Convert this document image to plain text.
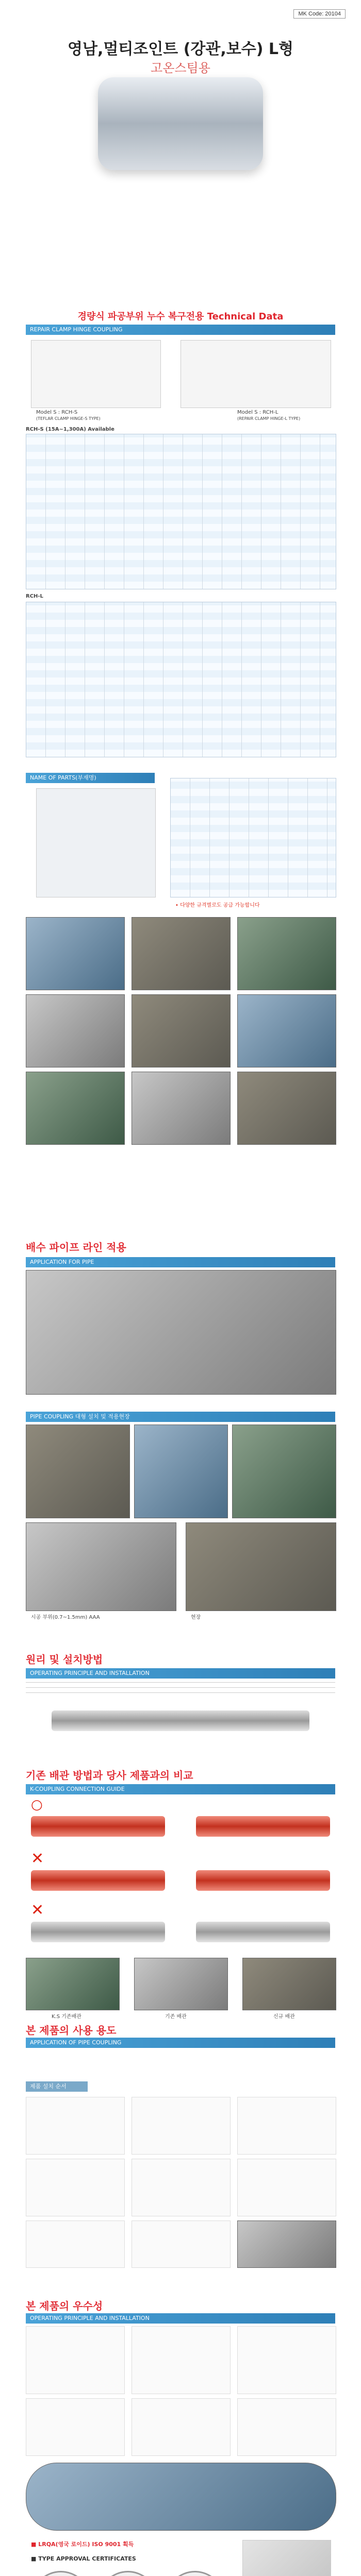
MK Code: 20104
영남,멀티조인트 (강관,보수) L형
고온스팀용
경량식 파공부위 누수 복구전용 Technical Data
REPAIR CLAMP HINGE COUPLING
Model S : RCH-S
(TEFLAR CLAMP HINGE-S TYPE)
Model S : RCH-L
(REPAIR CLAMP HINGE-L TYPE)
RCH-S (15A~1,300A) Available
RCH-L
NAME OF PARTS(부재명)
• 다양한 규격별로도 공급 가능합니다
배수 파이프 라인 적용
APPLICATION FOR PIPE
PIPE COUPLING 대형 설치 및 적용현장
시공 부위(0.7~1.5mm) AAA	현장
원리 및 설치방법
OPERATING PRINCIPLE AND INSTALLATION
기존 배관 방법과 당사 제품과의 비교
K-COUPLING CONNECTION GUIDE
○
✕
✕
K.S 기존배관	기존 배관	신규 배관
본 제품의 사용 용도
APPLICATION OF PIPE COUPLING
제품 설치 순서
본 제품의 우수성
OPERATING PRINCIPLE AND INSTALLATION
■ LRQA(영국 로이드) ISO 9001 획득
■ TYPE APPROVAL CERTIFICATES
